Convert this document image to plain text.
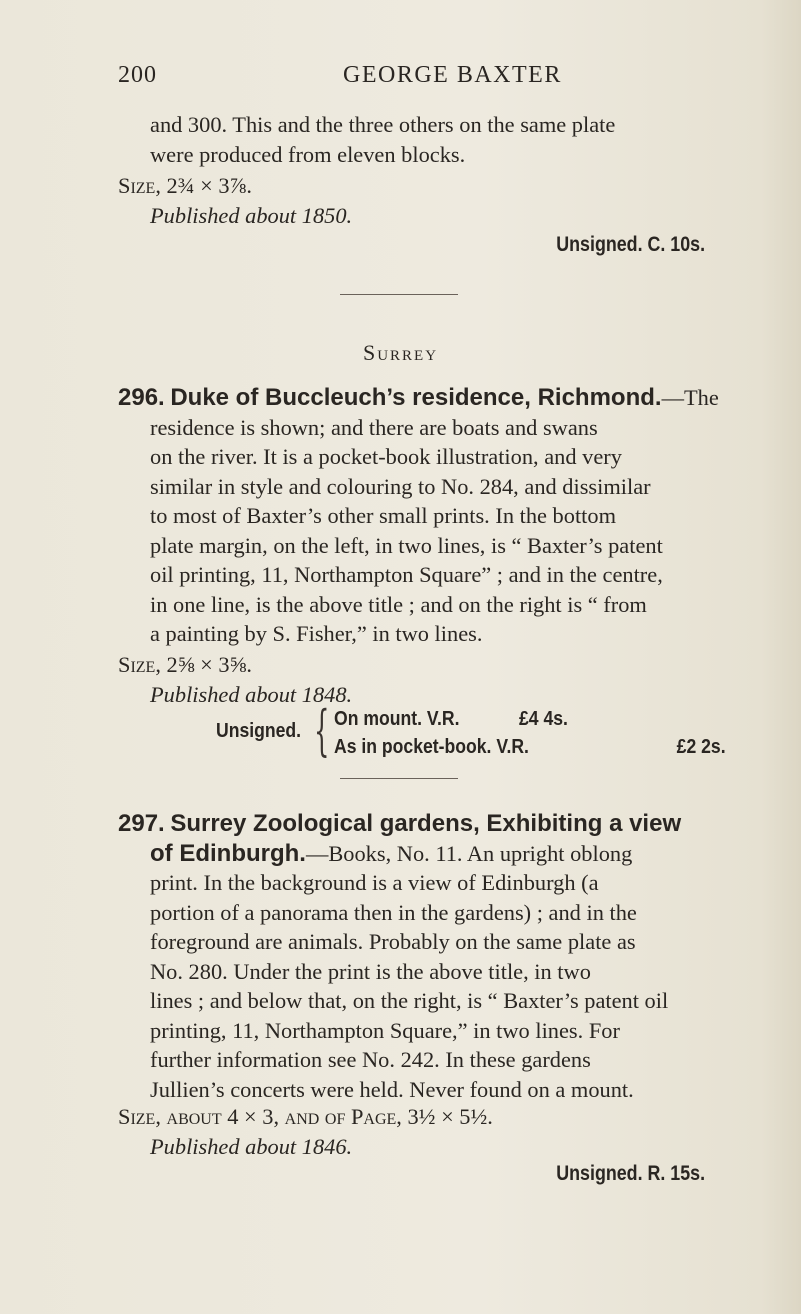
200	GEORGE BAXTER
and 300. This and the three others on the same plate
were produced from eleven blocks.
Size, 2¾ × 3⅞.
Published about 1850.
Unsigned. C. 10s.
Surrey
296. Duke of Buccleuch’s residence, Richmond.—The
residence is shown; and there are boats and swans
on the river. It is a pocket-book illustration, and very
similar in style and colouring to No. 284, and dissimilar
to most of Baxter’s other small prints. In the bottom
plate margin, on the left, in two lines, is “ Baxter’s patent
oil printing, 11, Northampton Square” ; and in the centre,
in one line, is the above title ; and on the right is “ from
a painting by S. Fisher,” in two lines.
Size, 2⅝ × 3⅝.
Published about 1848.
Unsigned. { On mount. V.R.	£4 4s.
As in pocket-book. V.R.	£2 2s.
297. Surrey Zoological gardens, Exhibiting a view
of Edinburgh.—Books, No. 11. An upright oblong
print. In the background is a view of Edinburgh (a
portion of a panorama then in the gardens) ; and in the
foreground are animals. Probably on the same plate as
No. 280. Under the print is the above title, in two
lines ; and below that, on the right, is “ Baxter’s patent oil
printing, 11, Northampton Square,” in two lines. For
further information see No. 242. In these gardens
Jullien’s concerts were held. Never found on a mount.
Size, about 4 × 3, and of Page, 3½ × 5½.
Published about 1846.
Unsigned. R. 15s.
